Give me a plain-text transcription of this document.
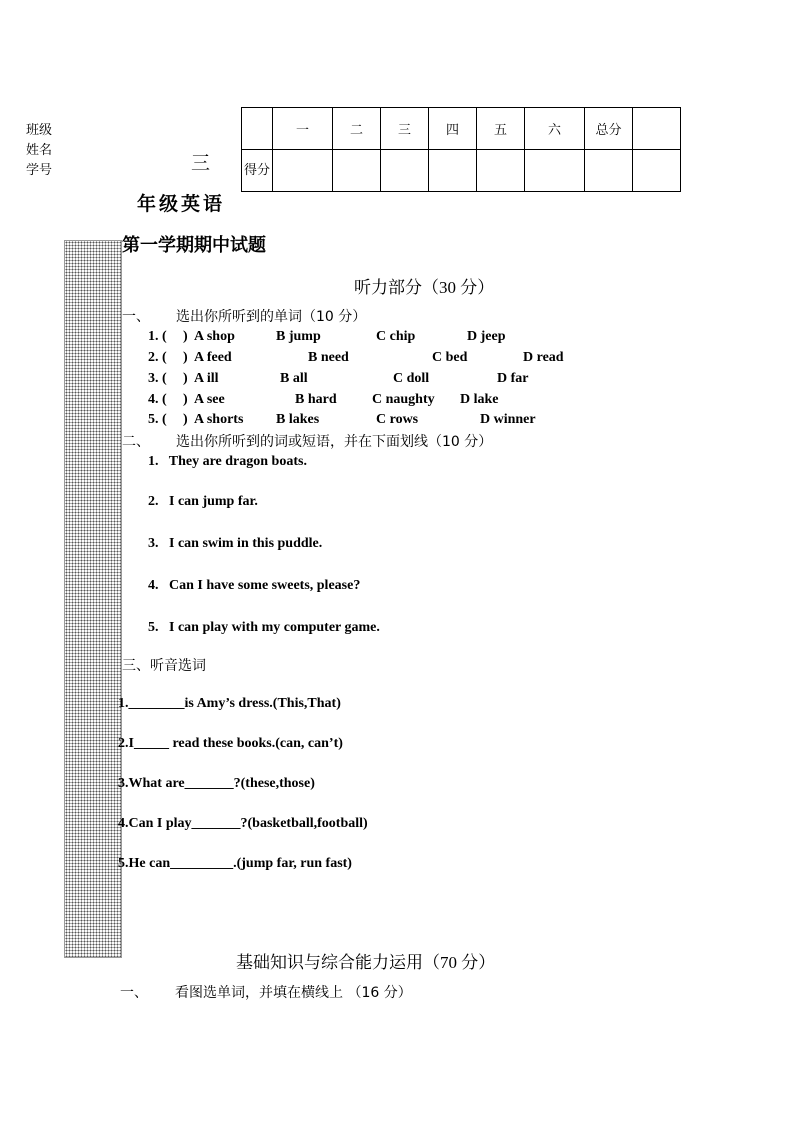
班级
姓名
学号
	一	二	三	四	五	六	总分	
得分								
三
年级英语
第一学期期中试题
听力部分（30 分）
一、 选出你所听到的单词（10 分）
1. ( ) A shop	B jump	C chip	D jeep
2. ( ) A feed	B need	C bed	D read
3. ( ) A ill	B all	C doll	D far
4. ( ) A see	B hard	C naughty D lake
5. ( ) A shorts B lakes	C rows	D winner
二、 选出你所听到的词或短语，并在下面划线（10 分）
1.   They are dragon boats.
2.   I can jump far.
3.   I can swim in this puddle.
4.   Can I have some sweets, please?
5.   I can play with my computer game.
三、听音选词
1.________is Amy’s dress.(This,That)
2.I_____ read these books.(can, can’t)
3.What are_______?(these,those)
4.Can I play_______?(basketball,football)
5.He can_________.(jump far, run fast)
基础知识与综合能力运用（70 分）
一、 看图选单词，并填在横线上 （16 分）
